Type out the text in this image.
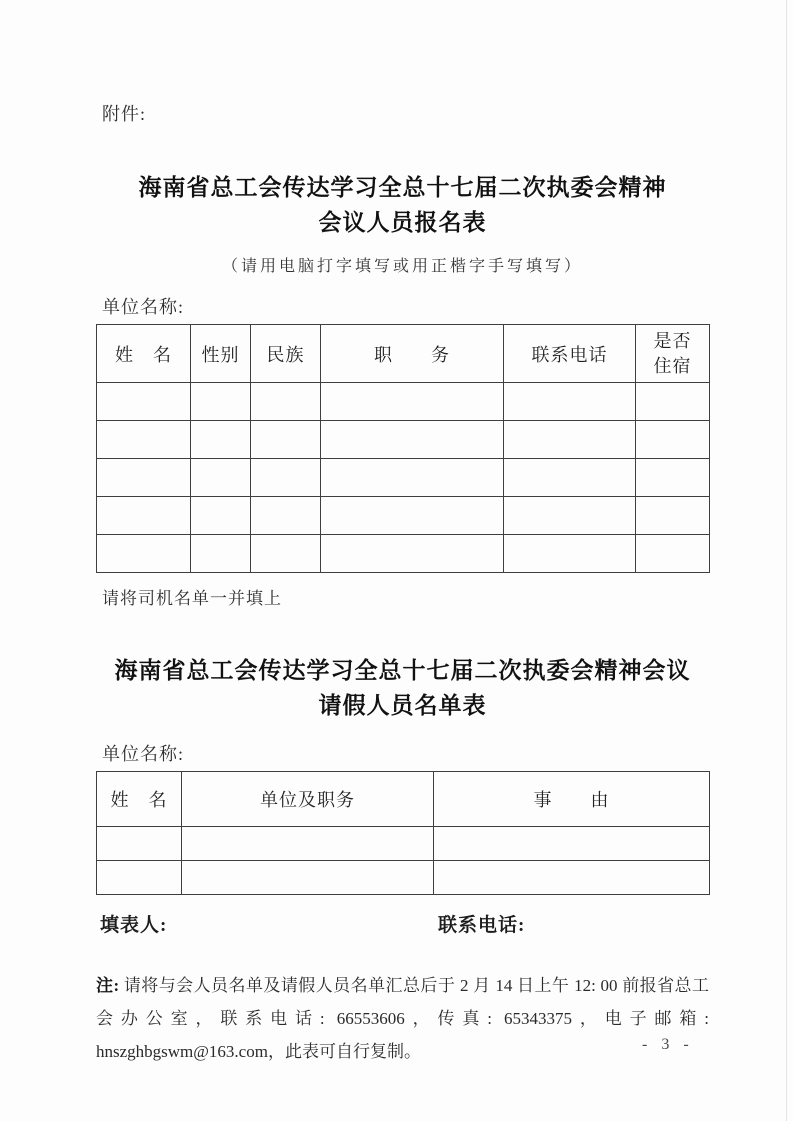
附件:
海南省总工会传达学习全总十七届二次执委会精神
会议人员报名表
（请用电脑打字填写或用正楷字手写填写）
单位名称:
姓　名	性别	民族	职　　务	联系电话	是否住宿

请将司机名单一并填上
海南省总工会传达学习全总十七届二次执委会精神会议
请假人员名单表
单位名称:
姓　名	单位及职务	事　　由

填表人:	联系电话:
注: 请将与会人员名单及请假人员名单汇总后于 2 月 14 日上午 12: 00 前报省总工会办公室，联系电话: 66553606，传真: 65343375，电子邮箱: hnszghbgswm@163.com，此表可自行复制。	- 3 -
